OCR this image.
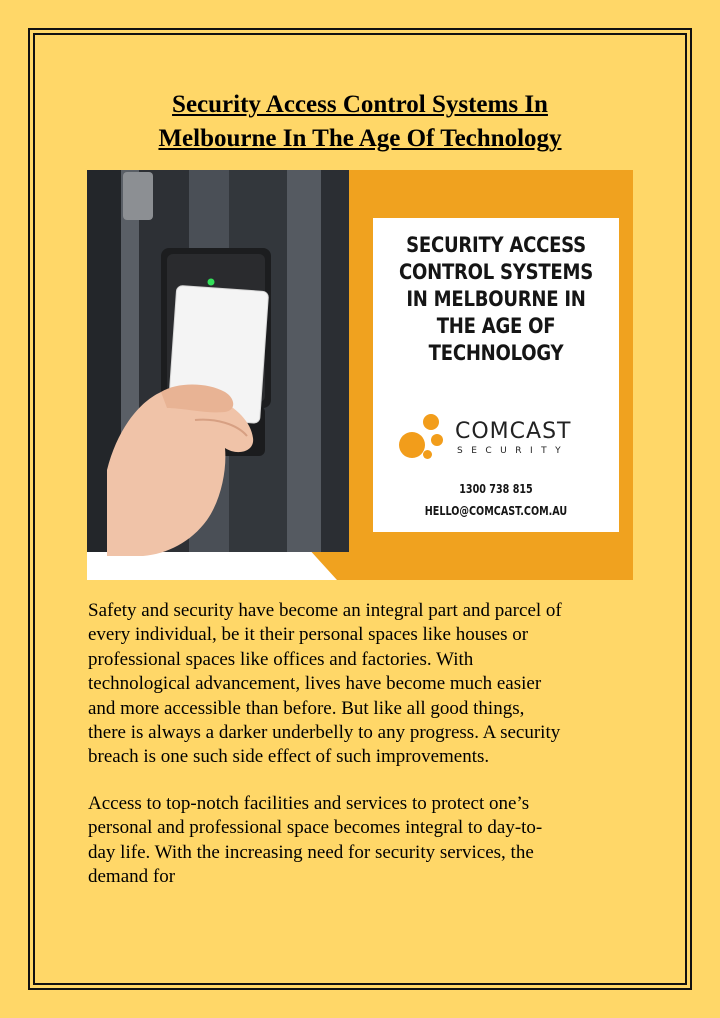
Security Access Control Systems In
Melbourne In The Age Of Technology
SECURITY ACCESS
CONTROL SYSTEMS
IN MELBOURNE IN
THE AGE OF
TECHNOLOGY
COMCAST
SECURITY
1300 738 815
HELLO@COMCAST.COM.AU

Safety and security have become an integral part and parcel of
every individual, be it their personal spaces like houses or
professional spaces like offices and factories. With
technological advancement, lives have become much easier
and more accessible than before. But like all good things,
there is always a darker underbelly to any progress. A security
breach is one such side effect of such improvements.

Access to top-notch facilities and services to protect one’s
personal and professional space becomes integral to day-to-
day life. With the increasing need for security services, the
demand for
